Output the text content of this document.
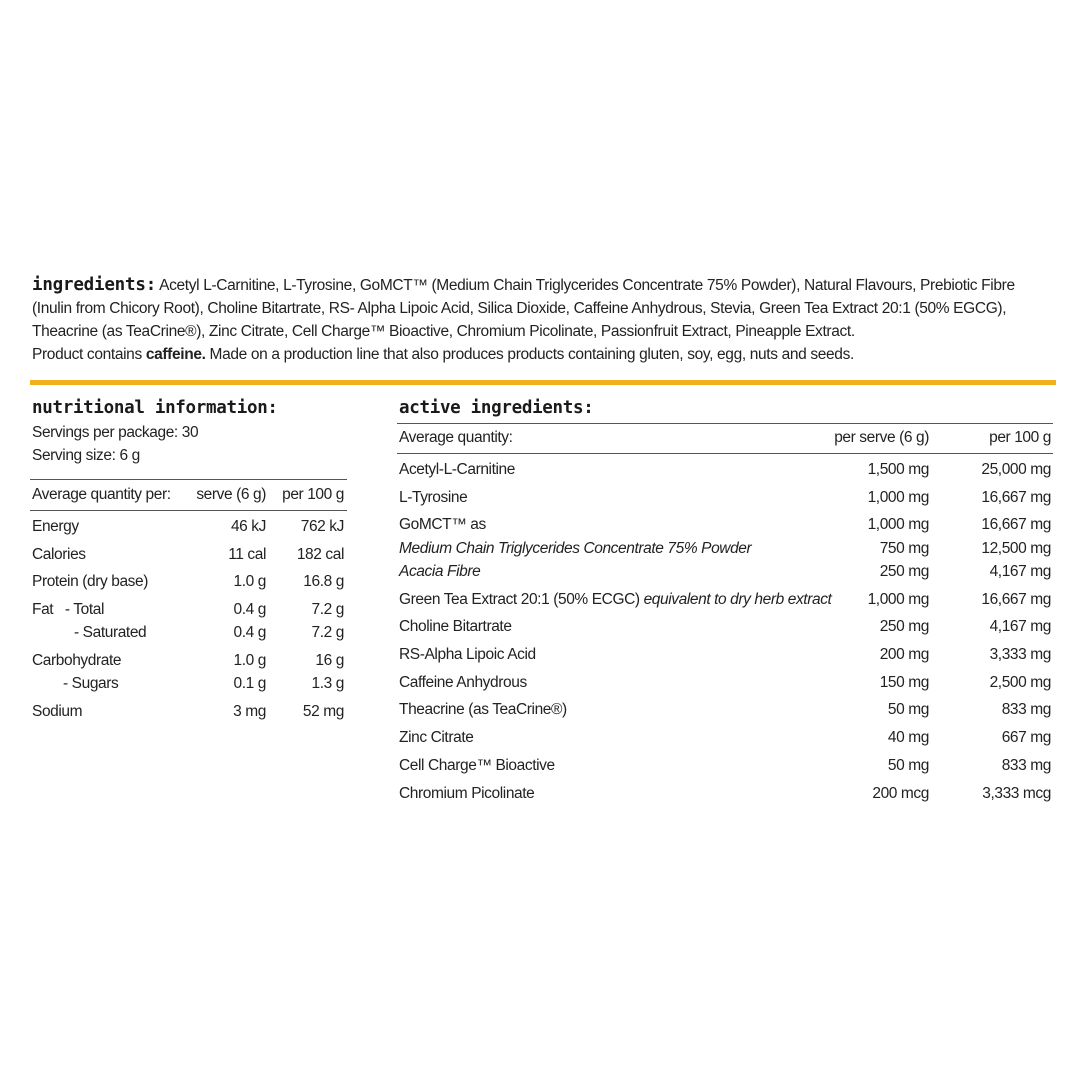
ingredients: Acetyl L-Carnitine, L-Tyrosine, GoMCT™ (Medium Chain Triglycerides Concentrate 75% Powder), Natural Flavours, Prebiotic Fibre
(Inulin from Chicory Root), Choline Bitartrate, RS- Alpha Lipoic Acid, Silica Dioxide, Caffeine Anhydrous, Stevia, Green Tea Extract 20:1 (50% EGCG),
Theacrine (as TeaCrine®), Zinc Citrate, Cell Charge™ Bioactive, Chromium Picolinate, Passionfruit Extract, Pineapple Extract.
Product contains caffeine. Made on a production line that also produces products containing gluten, soy, egg, nuts and seeds.
nutritional information:
Servings per package: 30
Serving size: 6 g
Average quantity per: serve (6 g) per 100 g
Energy	46 kJ 762 kJ
Calories	11 cal 182 cal
Protein (dry base)	1.0 g 16.8 g
Fat   - Total	0.4 g	7.2 g
- Saturated	0.4 g	7.2 g
Carbohydrate	1.0 g	16 g
- Sugars	0.1 g	1.3 g
Sodium	3 mg 52 mg
active ingredients:
Average quantity:	per serve (6 g)	per 100 g
Acetyl-L-Carnitine	1,500 mg	25,000 mg
L-Tyrosine	1,000 mg	16,667 mg
GoMCT™ as	1,000 mg	16,667 mg
Medium Chain Triglycerides Concentrate 75% Powder	750 mg	12,500 mg
Acacia Fibre	250 mg	4,167 mg
Green Tea Extract 20:1 (50% ECGC) equivalent to dry herb extract 1,000 mg	16,667 mg
Choline Bitartrate	250 mg	4,167 mg
RS-Alpha Lipoic Acid	200 mg	3,333 mg
Caffeine Anhydrous	150 mg	2,500 mg
Theacrine (as TeaCrine®)	50 mg	833 mg
Zinc Citrate	40 mg	667 mg
Cell Charge™ Bioactive	50 mg	833 mg
Chromium Picolinate	200 mcg	3,333 mcg
